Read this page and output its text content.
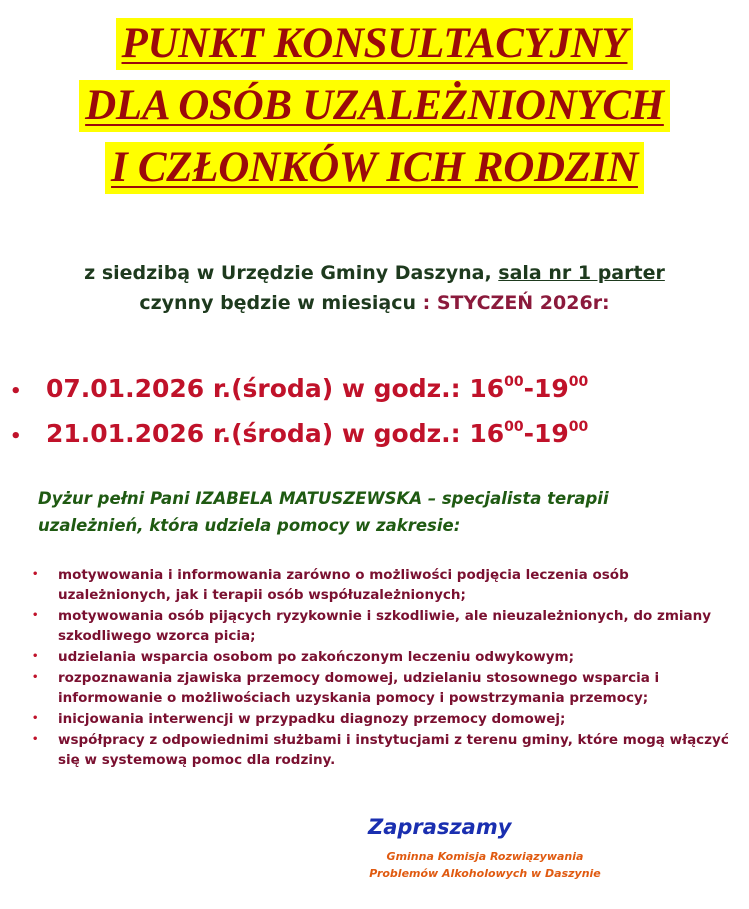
PUNKT KONSULTACYJNY
DLA OSÓB UZALEŻNIONYCH
I CZŁONKÓW ICH RODZIN
z siedzibą w Urzędzie Gminy Daszyna, sala nr 1 parter
czynny będzie w miesiącu : STYCZEŃ 2026r:
• 07.01.2026 r.(środa) w godz.: $16^{00}-19^{00}$
• 21.01.2026 r.(środa) w godz.: $16^{00}-19^{00}$
Dyżur pełni Pani IZABELA MATUSZEWSKA – specjalista terapii uzależnień, która udziela pomocy w zakresie:
• motywowania i informowania zarówno o możliwości podjęcia leczenia osób uzależnionych, jak i terapii osób współuzależnionych;
• motywowania osób pijących ryzykownie i szkodliwie, ale nieuzależnionych, do zmiany szkodliwego wzorca picia;
• udzielania wsparcia osobom po zakończonym leczeniu odwykowym;
• rozpoznawania zjawiska przemocy domowej, udzielaniu stosownego wsparcia i informowanie o możliwościach uzyskania pomocy i powstrzymania przemocy;
• inicjowania interwencji w przypadku diagnozy przemocy domowej;
• współpracy z odpowiednimi służbami i instytucjami z terenu gminy, które mogą włączyć się w systemową pomoc dla rodziny.
Zapraszamy
Gminna Komisja Rozwiązywania
Problemów Alkoholowych w Daszynie
